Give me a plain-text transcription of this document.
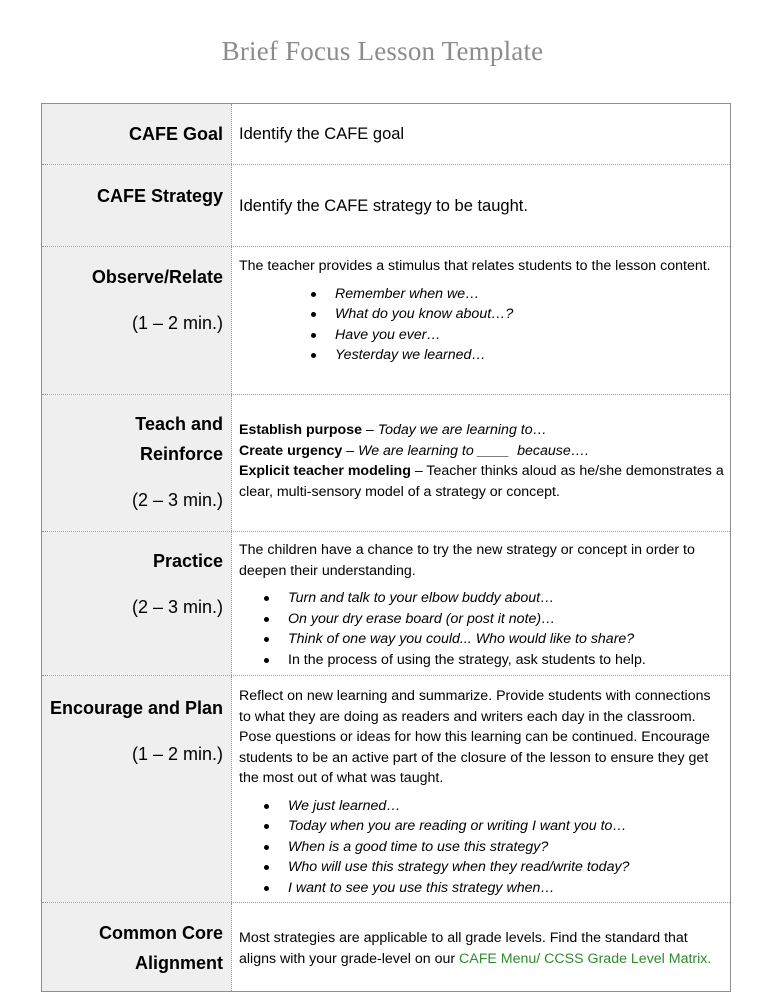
Brief Focus Lesson Template
CAFE Goal Identify the CAFE goal

CAFE Strategy Identify the CAFE strategy to be taught.

Observe/Relate
(1 – 2 min.)

The teacher provides a stimulus that relates students to the lesson content.

Remember when we…
What do you know about…?
Have you ever…
Yesterday we learned…
Teach and
Reinforce
(2 – 3 min.)

Establish purpose – Today we are learning to…

Create urgency – We are learning to ____  because….

Explicit teacher modeling – Teacher thinks aloud as he/she demonstrates a clear, multi-sensory model of a strategy or concept.

Practice
(2 – 3 min.)

The children have a chance to try the new strategy or concept in order to deepen their understanding.

Turn and talk to your elbow buddy about…
On your dry erase board (or post it note)…
Think of one way you could... Who would like to share?
In the process of using the strategy, ask students to help.
Encourage and Plan
(1 – 2 min.)

Reflect on new learning and summarize. Provide students with connections to what they are doing as readers and writers each day in the classroom. Pose questions or ideas for how this learning can be continued. Encourage students to be an active part of the closure of the lesson to ensure they get the most out of what was taught.

We just learned…
Today when you are reading or writing I want you to…
When is a good time to use this strategy?
Who will use this strategy when they read/write today?
I want to see you use this strategy when…
Common Core
Alignment

Most strategies are applicable to all grade levels. Find the standard that aligns with your grade-level on our CAFE Menu/ CCSS Grade Level Matrix.
